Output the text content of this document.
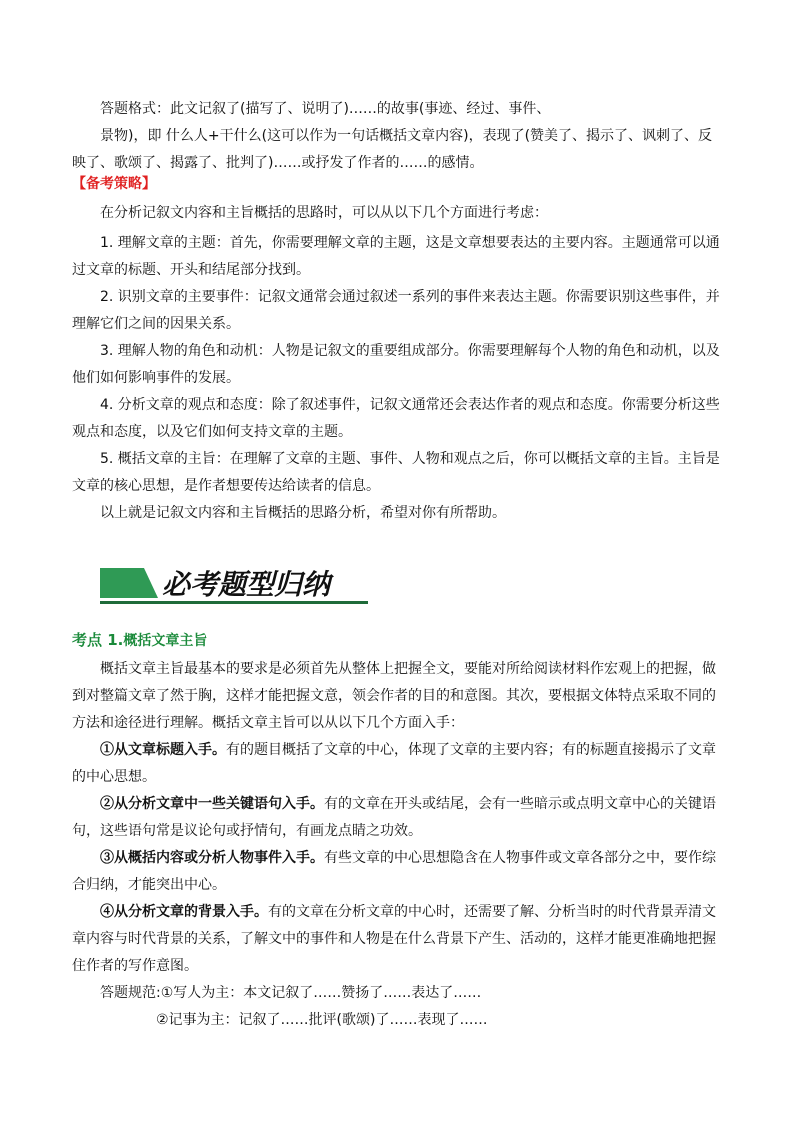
答题格式：此文记叙了(描写了、说明了)……的故事(事迹、经过、事件、

景物)，即 什么人+干什么(这可以作为一句话概括文章内容)，表现了(赞美了、揭示了、讽刺了、反映了、歌颂了、揭露了、批判了)……或抒发了作者的……的感情。

【备考策略】

在分析记叙文内容和主旨概括的思路时，可以从以下几个方面进行考虑：

1. 理解文章的主题：首先，你需要理解文章的主题，这是文章想要表达的主要内容。主题通常可以通过文章的标题、开头和结尾部分找到。

2. 识别文章的主要事件：记叙文通常会通过叙述一系列的事件来表达主题。你需要识别这些事件，并理解它们之间的因果关系。

3. 理解人物的角色和动机：人物是记叙文的重要组成部分。你需要理解每个人物的角色和动机，以及他们如何影响事件的发展。

4. 分析文章的观点和态度：除了叙述事件，记叙文通常还会表达作者的观点和态度。你需要分析这些观点和态度，以及它们如何支持文章的主题。

5. 概括文章的主旨：在理解了文章的主题、事件、人物和观点之后，你可以概括文章的主旨。主旨是文章的核心思想，是作者想要传达给读者的信息。

以上就是记叙文内容和主旨概括的思路分析，希望对你有所帮助。

必考题型归纳

考点 1.概括文章主旨

概括文章主旨最基本的要求是必须首先从整体上把握全文，要能对所给阅读材料作宏观上的把握，做到对整篇文章了然于胸，这样才能把握文意，领会作者的目的和意图。其次，要根据文体特点采取不同的方法和途径进行理解。概括文章主旨可以从以下几个方面入手：

①从文章标题入手。有的题目概括了文章的中心，体现了文章的主要内容；有的标题直接揭示了文章的中心思想。

②从分析文章中一些关键语句入手。有的文章在开头或结尾，会有一些暗示或点明文章中心的关键语句，这些语句常是议论句或抒情句，有画龙点睛之功效。

③从概括内容或分析人物事件入手。有些文章的中心思想隐含在人物事件或文章各部分之中，要作综合归纳，才能突出中心。

④从分析文章的背景入手。有的文章在分析文章的中心时，还需要了解、分析当时的时代背景弄清文章内容与时代背景的关系，了解文中的事件和人物是在什么背景下产生、活动的，这样才能更准确地把握住作者的写作意图。

答题规范:①写人为主：本文记叙了……赞扬了……表达了……

②记事为主：记叙了……批评(歌颂)了……表现了……
